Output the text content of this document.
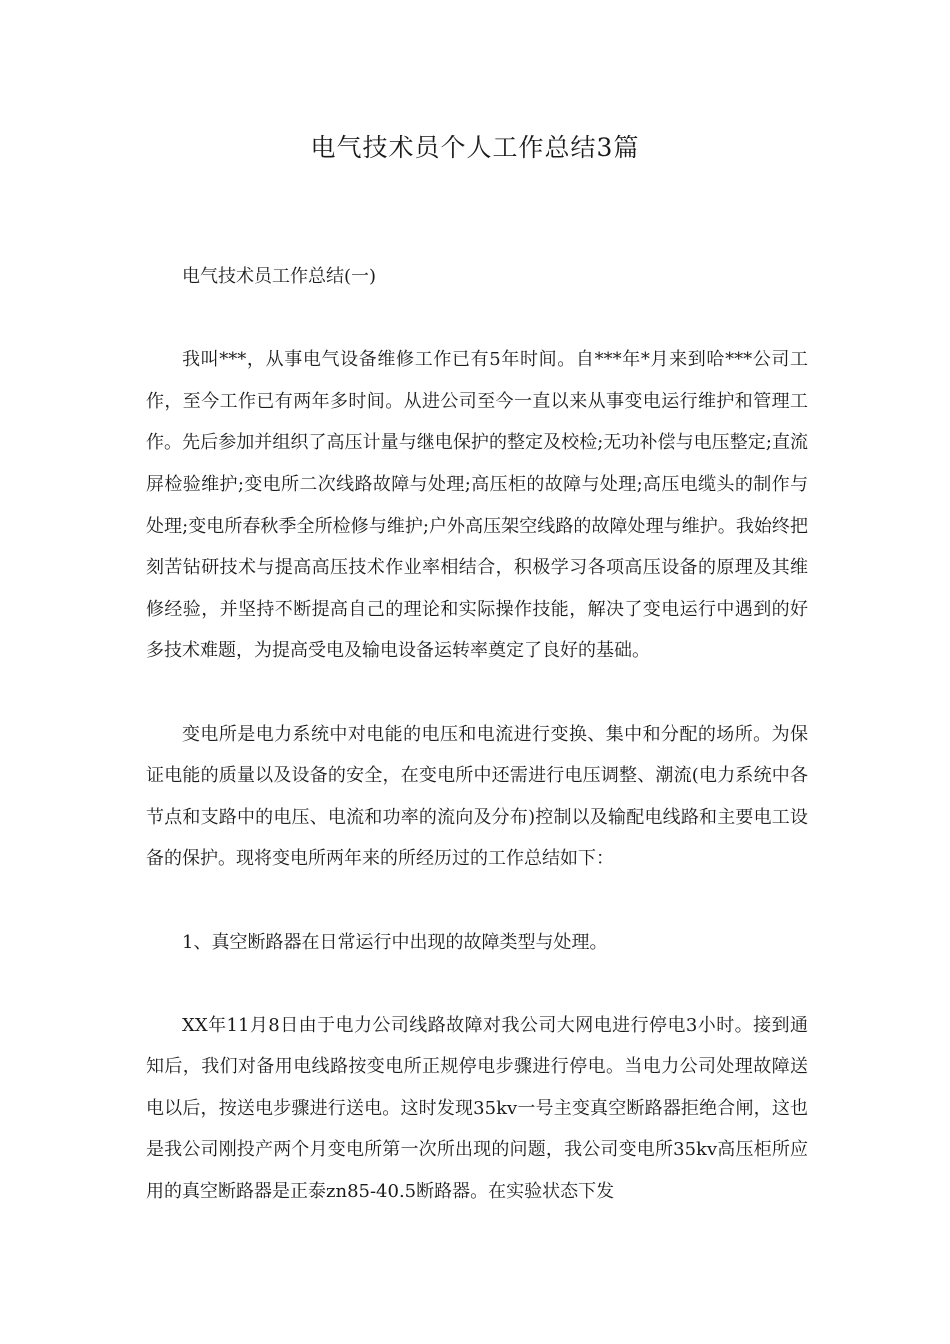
电气技术员个人工作总结3篇

电气技术员工作总结(一)

我叫***，从事电气设备维修工作已有5年时间。自***年*月来到哈***公司工作，至今工作已有两年多时间。从进公司至今一直以来从事变电运行维护和管理工作。先后参加并组织了高压计量与继电保护的整定及校检;无功补偿与电压整定;直流屏检验维护;变电所二次线路故障与处理;高压柜的故障与处理;高压电缆头的制作与处理;变电所春秋季全所检修与维护;户外高压架空线路的故障处理与维护。我始终把刻苦钻研技术与提高高压技术作业率相结合，积极学习各项高压设备的原理及其维修经验，并坚持不断提高自己的理论和实际操作技能，解决了变电运行中遇到的好多技术难题，为提高受电及输电设备运转率奠定了良好的基础。

变电所是电力系统中对电能的电压和电流进行变换、集中和分配的场所。为保证电能的质量以及设备的安全，在变电所中还需进行电压调整、潮流(电力系统中各节点和支路中的电压、电流和功率的流向及分布)控制以及输配电线路和主要电工设备的保护。现将变电所两年来的所经历过的工作总结如下：

1、真空断路器在日常运行中出现的故障类型与处理。

XX年11月8日由于电力公司线路故障对我公司大网电进行停电3小时。接到通知后，我们对备用电线路按变电所正规停电步骤进行停电。当电力公司处理故障送电以后，按送电步骤进行送电。这时发现35kv一号主变真空断路器拒绝合闸，这也是我公司刚投产两个月变电所第一次所出现的问题，我公司变电所35kv高压柜所应用的真空断路器是正泰zn85-40.5断路器。在实验状态下发
